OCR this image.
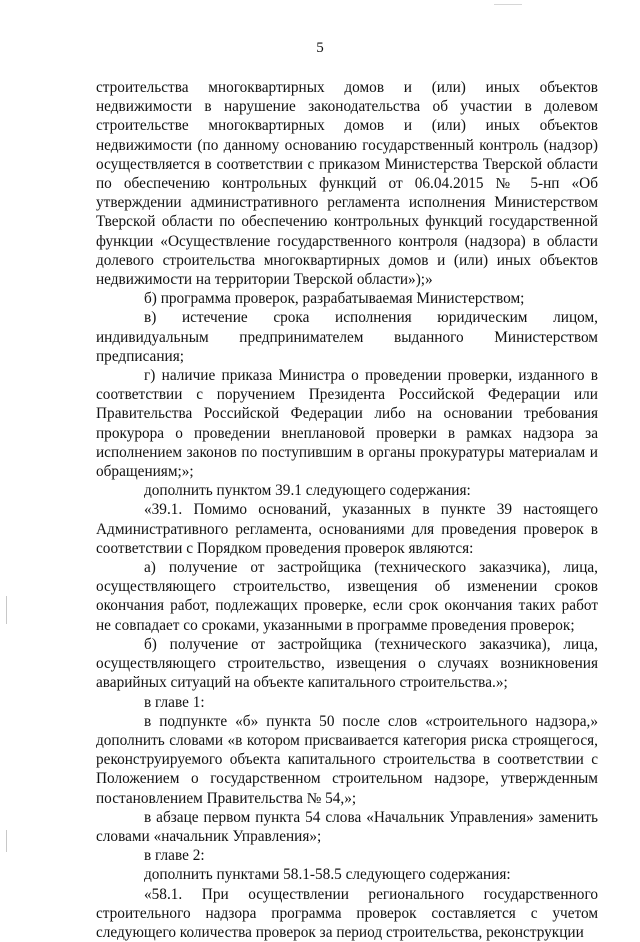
5

строительства многоквартирных домов и (или) иных объектов недвижимости в нарушение законодательства об участии в долевом строительстве многоквартирных домов и (или) иных объектов недвижимости (по данному основанию государственный контроль (надзор) осуществляется в соответствии с приказом Министерства Тверской области по обеспечению контрольных функций от 06.04.2015 № 5-нп «Об утверждении административного регламента исполнения Министерством Тверской области по обеспечению контрольных функций государственной функции «Осуществление государственного контроля (надзора) в области долевого строительства многоквартирных домов и (или) иных объектов недвижимости на территории Тверской области»);»

б) программа проверок, разрабатываемая Министерством;

в) истечение срока исполнения юридическим лицом, индивидуальным предпринимателем выданного Министерством предписания;

г) наличие приказа Министра о проведении проверки, изданного в соответствии с поручением Президента Российской Федерации или Правительства Российской Федерации либо на основании требования прокурора о проведении внеплановой проверки в рамках надзора за исполнением законов по поступившим в органы прокуратуры материалам и обращениям;»;

дополнить пунктом 39.1 следующего содержания:

«39.1. Помимо оснований, указанных в пункте 39 настоящего Административного регламента, основаниями для проведения проверок в соответствии с Порядком проведения проверок являются:

а) получение от застройщика (технического заказчика), лица, осуществляющего строительство, извещения об изменении сроков окончания работ, подлежащих проверке, если срок окончания таких работ не совпадает со сроками, указанными в программе проведения проверок;

б) получение от застройщика (технического заказчика), лица, осуществляющего строительство, извещения о случаях возникновения аварийных ситуаций на объекте капитального строительства.»;

в главе 1:

в подпункте «б» пункта 50 после слов «строительного надзора,» дополнить словами «в котором присваивается категория риска строящегося, реконструируемого объекта капитального строительства в соответствии с Положением о государственном строительном надзоре, утвержденным постановлением Правительства № 54,»;

в абзаце первом пункта 54 слова «Начальник Управления» заменить словами «начальник Управления»;

в главе 2:

дополнить пунктами 58.1-58.5 следующего содержания:

«58.1. При осуществлении регионального государственного строительного надзора программа проверок составляется с учетом следующего количества проверок за период строительства, реконструкции
